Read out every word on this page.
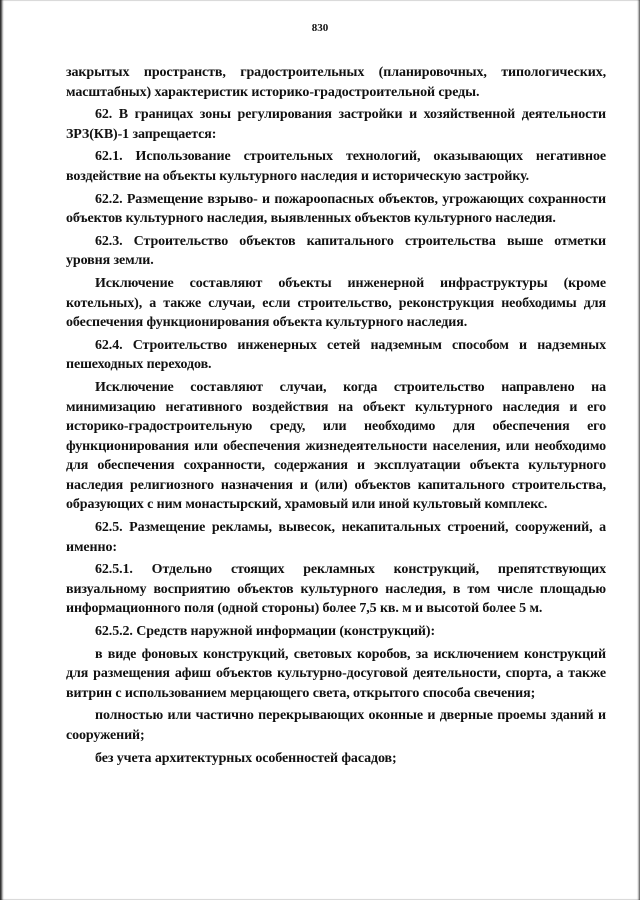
830

закрытых пространств, градостроительных (планировочных, типологических, масштабных) характеристик историко-градостроительной среды.

62. В границах зоны регулирования застройки и хозяйственной деятельности ЗРЗ(КВ)-1 запрещается:

62.1. Использование строительных технологий, оказывающих негативное воздействие на объекты культурного наследия и историческую застройку.

62.2. Размещение взрыво- и пожароопасных объектов, угрожающих сохранности объектов культурного наследия, выявленных объектов культурного наследия.

62.3. Строительство объектов капитального строительства выше отметки уровня земли.

Исключение составляют объекты инженерной инфраструктуры (кроме котельных), а также случаи, если строительство, реконструкция необходимы для обеспечения функционирования объекта культурного наследия.

62.4. Строительство инженерных сетей надземным способом и надземных пешеходных переходов.

Исключение составляют случаи, когда строительство направлено на минимизацию негативного воздействия на объект культурного наследия и его историко-градостроительную среду, или необходимо для обеспечения его функционирования или обеспечения жизнедеятельности населения, или необходимо для обеспечения сохранности, содержания и эксплуатации объекта культурного наследия религиозного назначения и (или) объектов капитального строительства, образующих с ним монастырский, храмовый или иной культовый комплекс.

62.5. Размещение рекламы, вывесок, некапитальных строений, сооружений, а именно:

62.5.1. Отдельно стоящих рекламных конструкций, препятствующих визуальному восприятию объектов культурного наследия, в том числе площадью информационного поля (одной стороны) более 7,5 кв. м и высотой более 5 м.

62.5.2. Средств наружной информации (конструкций):

в виде фоновых конструкций, световых коробов, за исключением конструкций для размещения афиш объектов культурно-досуговой деятельности, спорта, а также витрин с использованием мерцающего света, открытого способа свечения;

полностью или частично перекрывающих оконные и дверные проемы зданий и сооружений;

без учета архитектурных особенностей фасадов;
